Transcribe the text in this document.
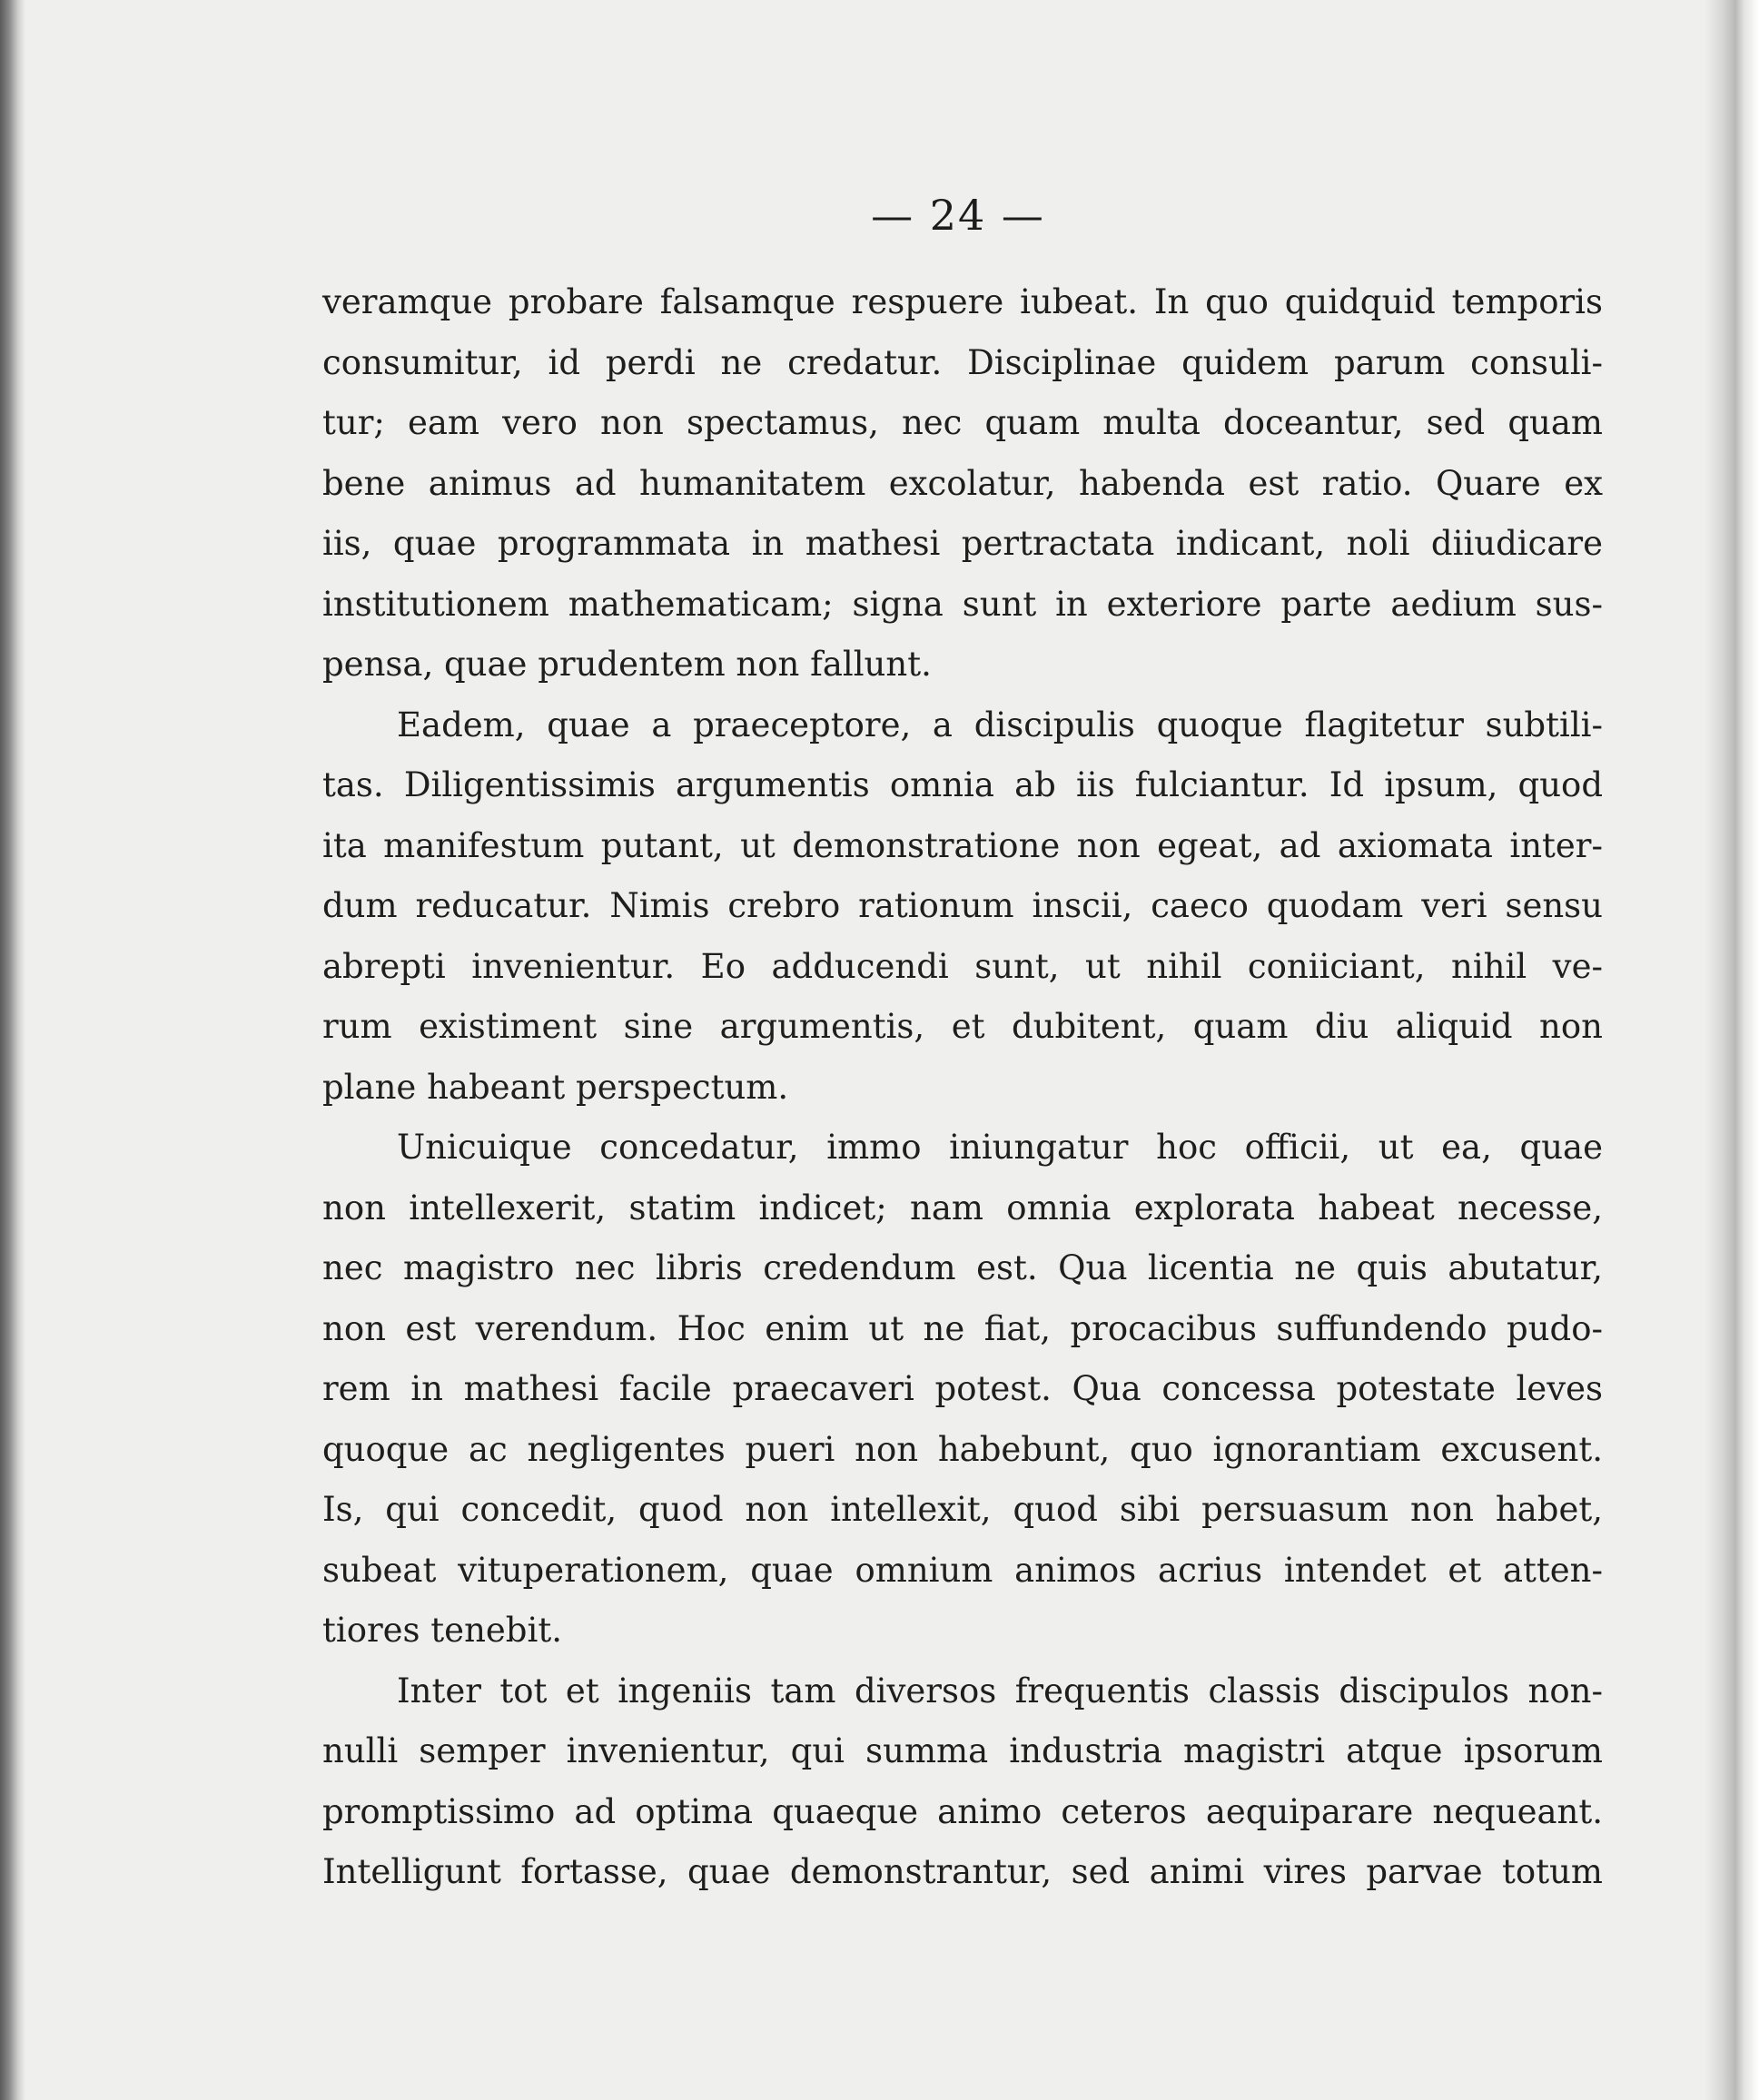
— 24 —
veramque probare falsamque respuere iubeat. In quo quidquid temporis
consumitur, id perdi ne credatur. Disciplinae quidem parum consuli-
tur; eam vero non spectamus, nec quam multa doceantur, sed quam
bene animus ad humanitatem excolatur, habenda est ratio. Quare ex
iis, quae programmata in mathesi pertractata indicant, noli diiudicare
institutionem mathematicam; signa sunt in exteriore parte aedium sus-
pensa, quae prudentem non fallunt.
Eadem, quae a praeceptore, a discipulis quoque flagitetur subtili-
tas. Diligentissimis argumentis omnia ab iis fulciantur. Id ipsum, quod
ita manifestum putant, ut demonstratione non egeat, ad axiomata inter-
dum reducatur. Nimis crebro rationum inscii, caeco quodam veri sensu
abrepti invenientur. Eo adducendi sunt, ut nihil coniiciant, nihil ve-
rum existiment sine argumentis, et dubitent, quam diu aliquid non
plane habeant perspectum.
Unicuique concedatur, immo iniungatur hoc officii, ut ea, quae
non intellexerit, statim indicet; nam omnia explorata habeat necesse,
nec magistro nec libris credendum est. Qua licentia ne quis abutatur,
non est verendum. Hoc enim ut ne fiat, procacibus suffundendo pudo-
rem in mathesi facile praecaveri potest. Qua concessa potestate leves
quoque ac negligentes pueri non habebunt, quo ignorantiam excusent.
Is, qui concedit, quod non intellexit, quod sibi persuasum non habet,
subeat vituperationem, quae omnium animos acrius intendet et atten-
tiores tenebit.
Inter tot et ingeniis tam diversos frequentis classis discipulos non-
nulli semper invenientur, qui summa industria magistri atque ipsorum
promptissimo ad optima quaeque animo ceteros aequiparare nequeant.
Intelligunt fortasse, quae demonstrantur, sed animi vires parvae totum
